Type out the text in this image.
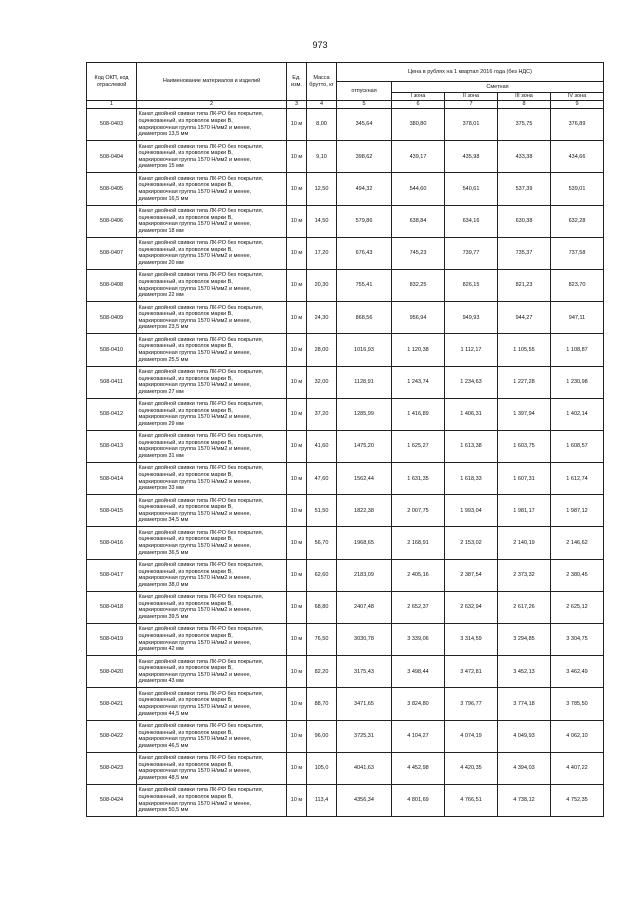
973
Код ОКП, код отраслевой	Наименование материалов и изделий	Ед. изм.	Масса брутто, кг	Цена в рублях на 1 квартал 2016 года (без НДС)				
				отпускная	Сметная			
					I зона	II зона	III зона	IV зона
1	2	3	4	5	6	7	8	9
508-0403	Канат двойной свивки типа ЛК-РО без покрытия,
оцинкованный, из проволок марки В,
маркировочная группа 1570 Н/мм2 и менее,
диаметром 13,5 мм	10 м	8,00	345,64	380,80	378,01	375,75	376,89
508-0404	Канат двойной свивки типа ЛК-РО без покрытия,
оцинкованный, из проволок марки В,
маркировочная группа 1570 Н/мм2 и менее,
диаметром 15 мм	10 м	9,10	398,62	439,17	435,98	433,38	434,66
508-0405	Канат двойной свивки типа ЛК-РО без покрытия,
оцинкованный, из проволок марки В,
маркировочная группа 1570 Н/мм2 и менее,
диаметром 16,5 мм	10 м	12,50	494,32	544,60	540,61	537,39	539,01
508-0406	Канат двойной свивки типа ЛК-РО без покрытия,
оцинкованный, из проволок марки В,
маркировочная группа 1570 Н/мм2 и менее,
диаметром 18 мм	10 м	14,50	579,86	638,84	634,16	630,38	632,28
508-0407	Канат двойной свивки типа ЛК-РО без покрытия,
оцинкованный, из проволок марки В,
маркировочная группа 1570 Н/мм2 и менее,
диаметром 20 мм	10 м	17,20	676,43	745,23	739,77	735,37	737,58
508-0408	Канат двойной свивки типа ЛК-РО без покрытия,
оцинкованный, из проволок марки В,
маркировочная группа 1570 Н/мм2 и менее,
диаметром 22 мм	10 м	20,30	755,41	832,25	826,15	821,23	823,70
508-0409	Канат двойной свивки типа ЛК-РО без покрытия,
оцинкованный, из проволок марки В,
маркировочная группа 1570 Н/мм2 и менее,
диаметром 23,5 мм	10 м	24,30	868,56	956,94	949,93	944,27	947,11
508-0410	Канат двойной свивки типа ЛК-РО без покрытия,
оцинкованный, из проволок марки В,
маркировочная группа 1570 Н/мм2 и менее,
диаметром 25,5 мм	10 м	28,00	1016,93	1 120,38	1 112,17	1 105,55	1 108,87
508-0411	Канат двойной свивки типа ЛК-РО без покрытия,
оцинкованный, из проволок марки В,
маркировочная группа 1570 Н/мм2 и менее,
диаметром 27 мм	10 м	32,00	1128,91	1 243,74	1 234,63	1 227,28	1 230,98
508-0412	Канат двойной свивки типа ЛК-РО без покрытия,
оцинкованный, из проволок марки В,
маркировочная группа 1570 Н/мм2 и менее,
диаметром 29 мм	10 м	37,20	1285,99	1 416,89	1 406,31	1 397,94	1 402,14
508-0413	Канат двойной свивки типа ЛК-РО без покрытия,
оцинкованный, из проволок марки В,
маркировочная группа 1570 Н/мм2 и менее,
диаметром 31 мм	10 м	41,60	1475,20	1 625,27	1 613,38	1 603,75	1 608,57
508-0414	Канат двойной свивки типа ЛК-РО без покрытия,
оцинкованный, из проволок марки В,
маркировочная группа 1570 Н/мм2 и менее,
диаметром 33 мм	10 м	47,60	1562,44	1 631,35	1 618,33	1 607,31	1 612,74
508-0415	Канат двойной свивки типа ЛК-РО без покрытия,
оцинкованный, из проволок марки В,
маркировочная группа 1570 Н/мм2 и менее,
диаметром 34,5 мм	10 м	51,50	1822,38	2 007,75	1 993,04	1 981,17	1 987,12
508-0416	Канат двойной свивки типа ЛК-РО без покрытия,
оцинкованный, из проволок марки В,
маркировочная группа 1570 Н/мм2 и менее,
диаметром 36,5 мм	10 м	56,70	1968,65	2 168,91	2 153,02	2 140,19	2 146,62
508-0417	Канат двойной свивки типа ЛК-РО без покрытия,
оцинкованный, из проволок марки В,
маркировочная группа 1570 Н/мм2 и менее,
диаметром 38,0 мм	10 м	62,60	2183,09	2 405,16	2 387,54	2 373,32	2 380,45
508-0418	Канат двойной свивки типа ЛК-РО без покрытия,
оцинкованный, из проволок марки В,
маркировочная группа 1570 Н/мм2 и менее,
диаметром 39,5 мм	10 м	68,80	2407,48	2 652,37	2 632,94	2 617,26	2 625,12
508-0419	Канат двойной свивки типа ЛК-РО без покрытия,
оцинкованный, из проволок марки В,
маркировочная группа 1570 Н/мм2 и менее,
диаметром 42 мм	10 м	76,50	3030,78	3 339,06	3 314,59	3 294,85	3 304,75
508-0420	Канат двойной свивки типа ЛК-РО без покрытия,
оцинкованный, из проволок марки В,
маркировочная группа 1570 Н/мм2 и менее,
диаметром 43 мм	10 м	82,20	3175,43	3 498,44	3 472,81	3 452,13	3 462,49
508-0421	Канат двойной свивки типа ЛК-РО без покрытия,
оцинкованный, из проволок марки В,
маркировочная группа 1570 Н/мм2 и менее,
диаметром 44,5 мм	10 м	88,70	3471,65	3 824,80	3 796,77	3 774,18	3 785,50
508-0422	Канат двойной свивки типа ЛК-РО без покрытия,
оцинкованный, из проволок марки В,
маркировочная группа 1570 Н/мм2 и менее,
диаметром 46,5 мм	10 м	96,00	3725,31	4 104,27	4 074,19	4 049,93	4 062,10
508-0423	Канат двойной свивки типа ЛК-РО без покрытия,
оцинкованный, из проволок марки В,
маркировочная группа 1570 Н/мм2 и менее,
диаметром 48,5 мм	10 м	105,0	4041,63	4 452,98	4 420,35	4 394,03	4 407,22
508-0424	Канат двойной свивки типа ЛК-РО без покрытия,
оцинкованный, из проволок марки В,
маркировочная группа 1570 Н/мм2 и менее,
диаметром 50,5 мм	10 м	113,4	4356,34	4 801,69	4 766,51	4 738,12	4 752,35
